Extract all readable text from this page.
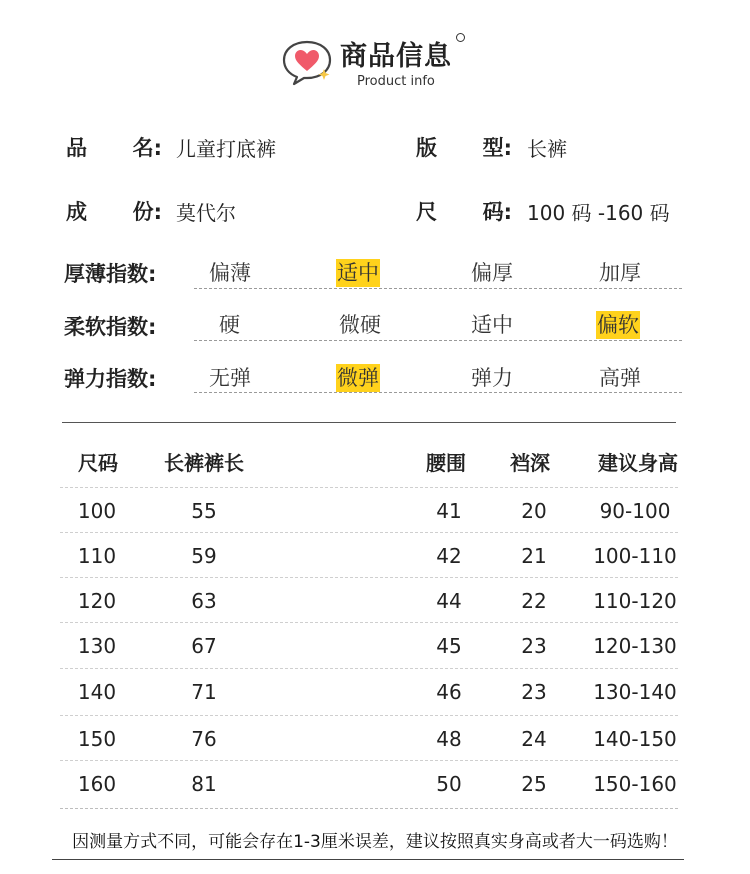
商品信息
Product info
品 名: 儿童打底裤	版 型: 长裤
成 份: 莫代尔	尺 码: 100 码 -160 码
厚薄指数:	偏薄	适中	偏厚	加厚
柔软指数:	硬	微硬	适中	偏软
弹力指数:	无弹	微弹	弹力	高弹
尺码 长裤裤长	腰围 裆深 建议身高
100	55	41	20	90-100
110	59	42	21 100-110
120	63	44	22 110-120
130	67	45	23 120-130
140	71	46	23 130-140
150	76	48	24 140-150
160	81	50	25 150-160
因测量方式不同，可能会存在1-3厘米误差，建议按照真实身高或者大一码选购！
